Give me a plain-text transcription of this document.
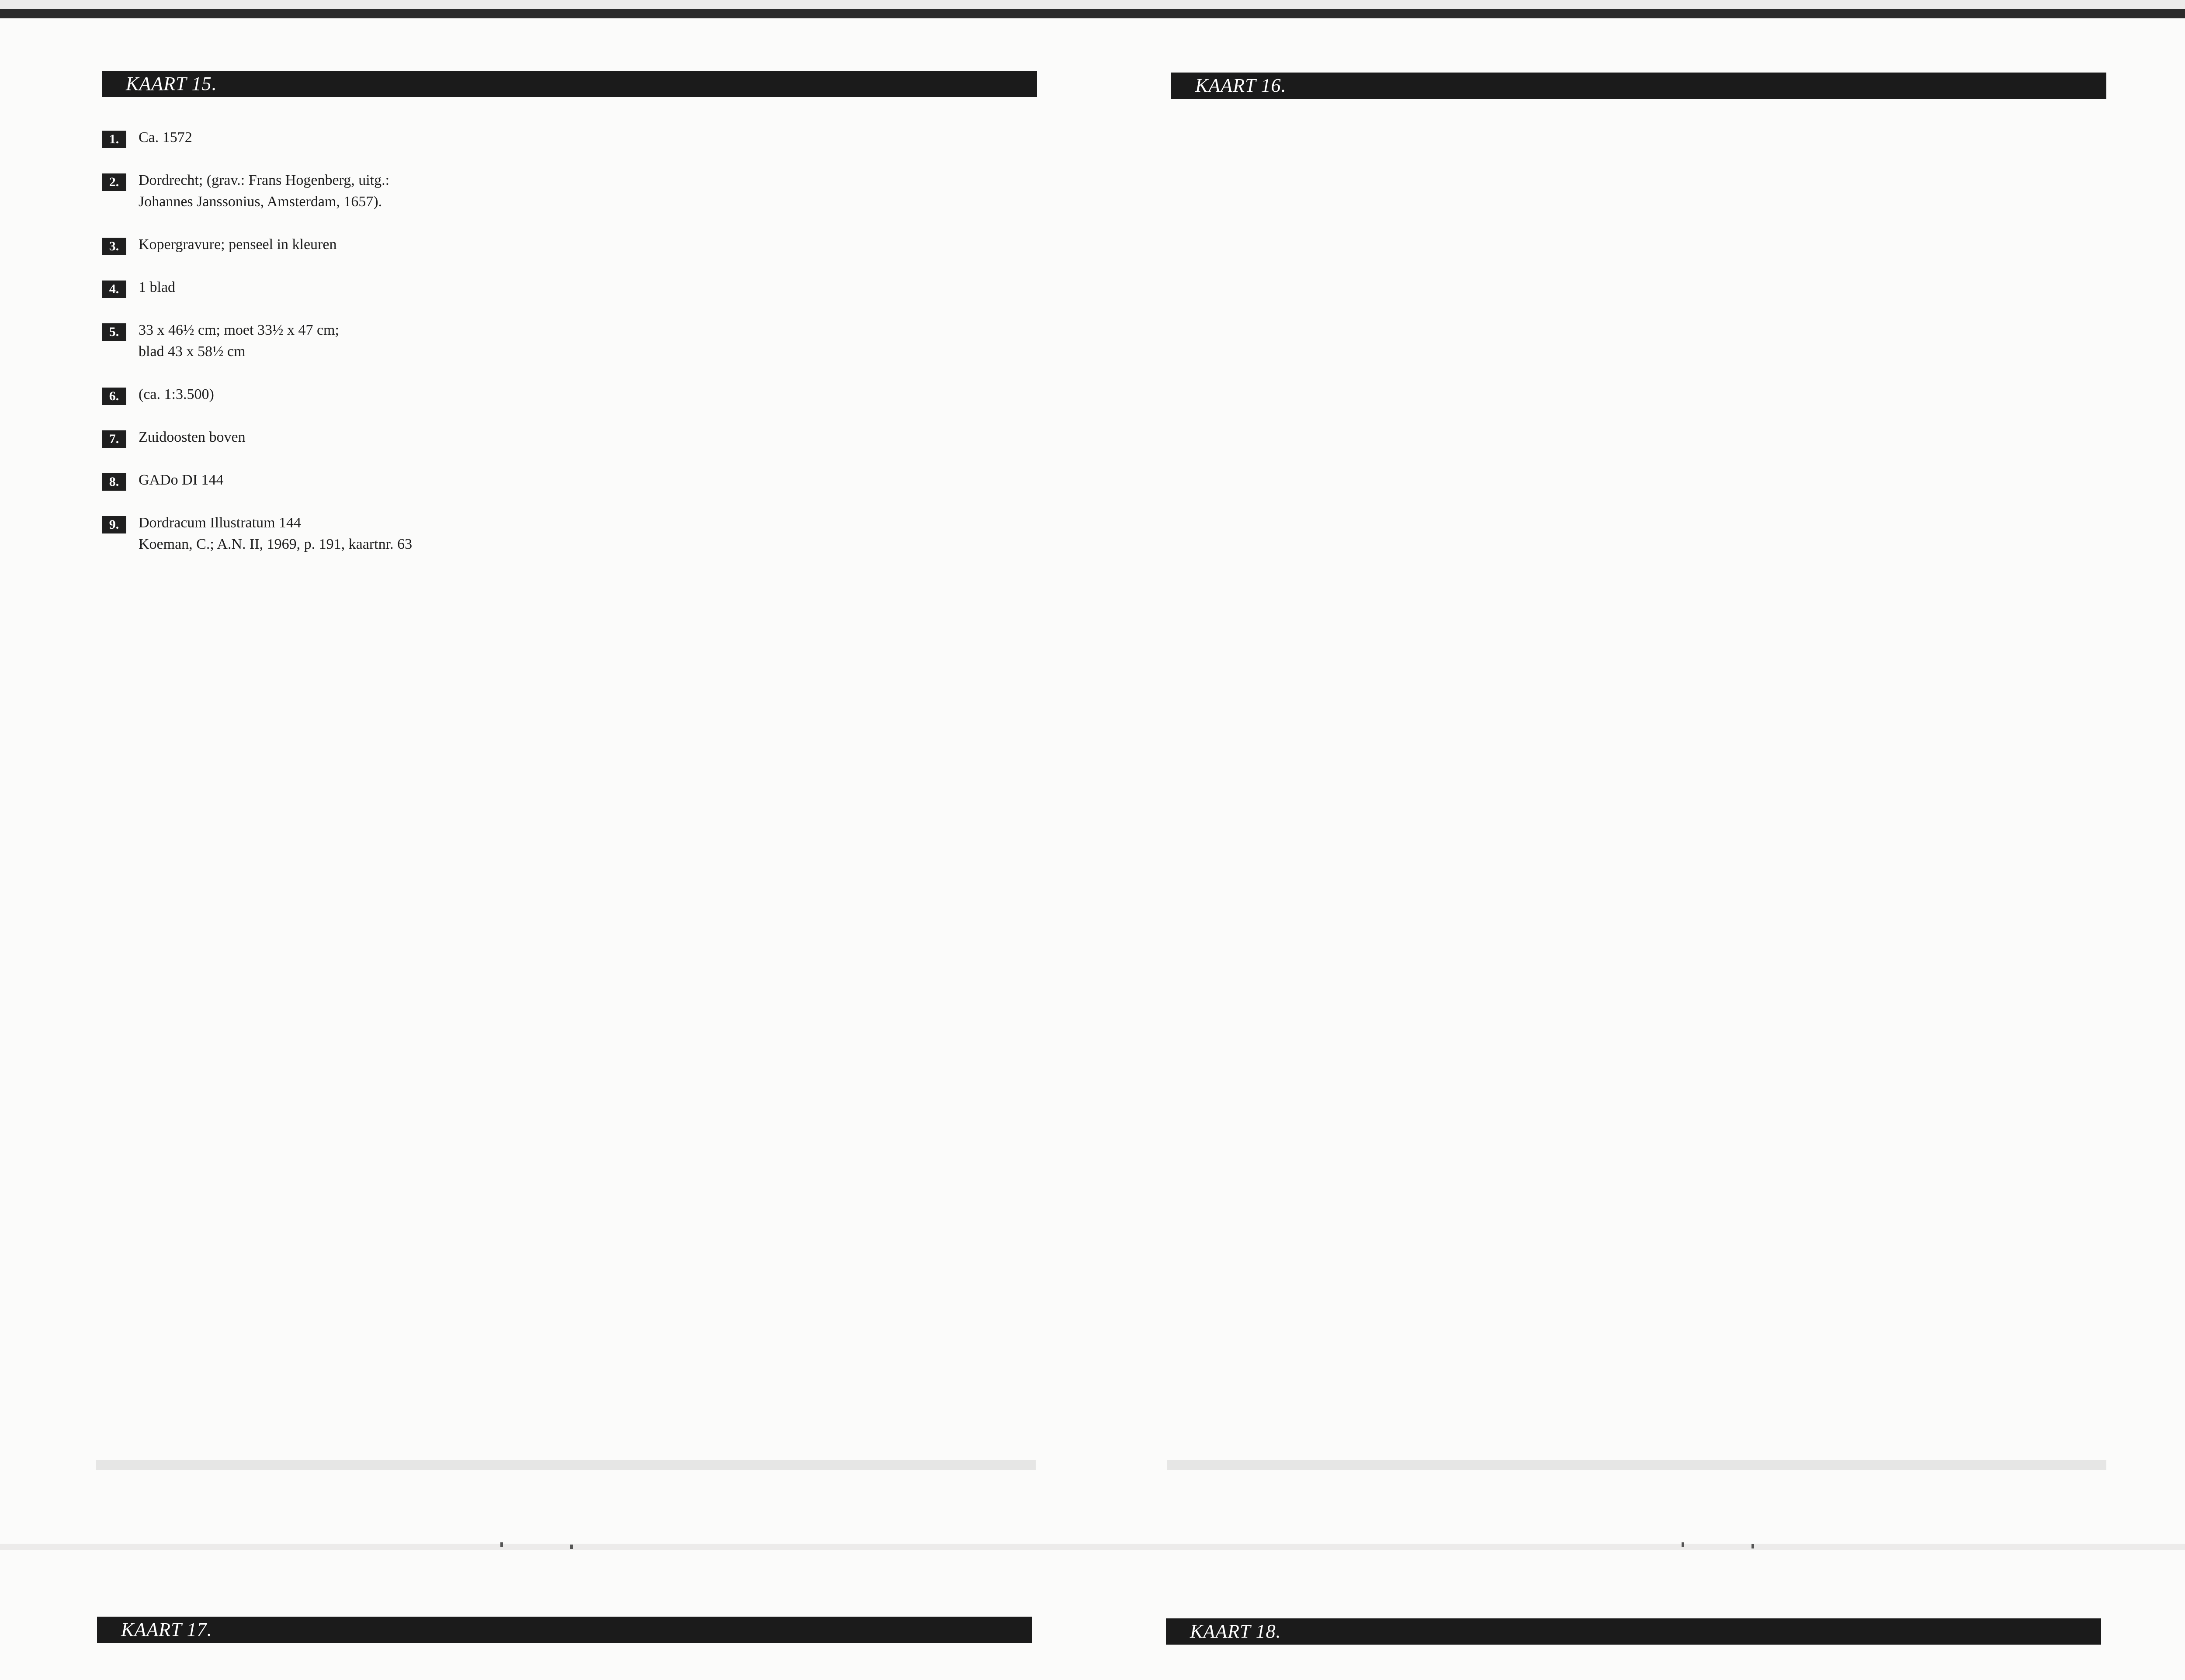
KAART 15.	KAART 16.
1.	Ca. 1572
2.	Dordrecht; (grav.: Frans Hogenberg, uitg.:
Johannes Janssonius, Amsterdam, 1657).
3.	Kopergravure; penseel in kleuren
4.	1 blad
5.	33 x 46½ cm; moet 33½ x 47 cm;
blad 43 x 58½ cm
6.	(ca. 1:3.500)
7.	Zuidoosten boven
8.	GADo DI 144
9.	Dordracum Illustratum 144
Koeman, C.; A.N. II, 1969, p. 191, kaartnr. 63
KAART 17.	KAART 18.
